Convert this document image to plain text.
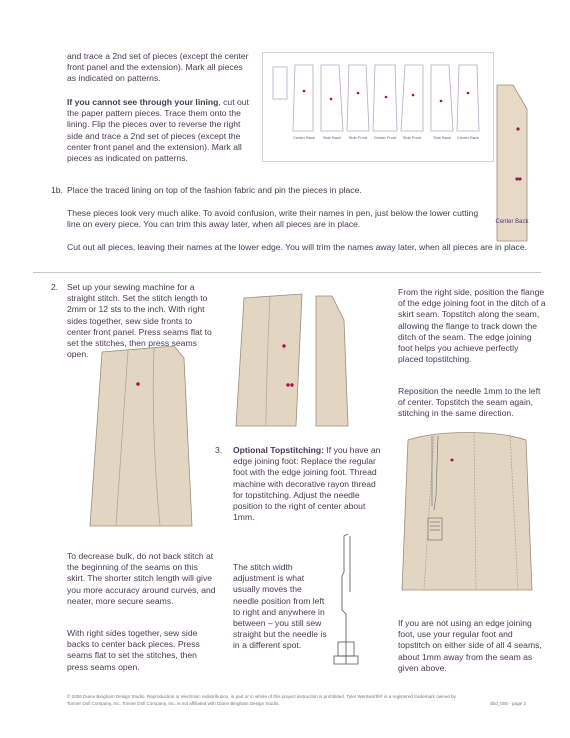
and trace a 2nd set of pieces (except the center front panel and the extension). Mark all pieces as indicated on patterns.
If you cannot see through your lining, cut out the paper pattern pieces. Trace them onto the lining. Flip the pieces over to reverse the right side and trace a 2nd set of pieces (except the center front panel and the extension). Mark all pieces as indicated on patterns.
Center Back Side Back Side Front Center Front Side Front	Side Back Center Back
Center Back
1b. Place the traced lining on top of the fashion fabric and pin the pieces in place.
These pieces look very much alike. To avoid confusion, write their names in pen, just below the lower cutting line on every piece. You can trim this away later, when all pieces are in place.
Cut out all pieces, leaving their names at the lower edge. You will trim the names away later, when all pieces are in place.
2. Set up your sewing machine for a straight stitch. Set the stitch length to 2mm or 12 sts to the inch. With right sides together, sew side fronts to center front panel. Press seams flat to set the stitches, then press seams open.
To decrease bulk, do not back stitch at the beginning of the seams on this skirt. The shorter stitch length will give you more accuracy around curves, and neater, more secure seams.
With right sides together, sew side backs to center back pieces. Press seams flat to set the stitches, then press seams open.
3. Optional Topstitching: If you have an edge joining foot: Replace the regular foot with the edge joining foot. Thread machine with decorative rayon thread for topstitching. Adjust the needle position to the right of center about 1mm.
The stitch width adjustment is what usually moves the needle position from left to right and anywhere in between – you still sew straight but the needle is in a different spot.
From the right side, position the flange of the edge joining foot in the ditch of a skirt seam. Topstitch along the seam, allowing the flange to track down the ditch of the seam. The edge joining foot helps you achieve perfectly placed topstitching.
Reposition the needle 1mm to the left of center. Topstitch the seam again, stitching in the same direction.
If you are not using an edge joining foot, use your regular foot and topstitch on either side of all 4 seams, about 1mm away from the seam as given above.
© 2006 Diane Bingham Design Studio. Reproduction or electronic redistribution, in part or in whole of this project instruction is prohibited. Tyler Wentworth® is a registered trademark owned by
Tonner Doll Company, Inc. Tonner Doll Company, Inc. is not affiliated with Diane Bingham Design Studio.	dbd_005 - page 2
